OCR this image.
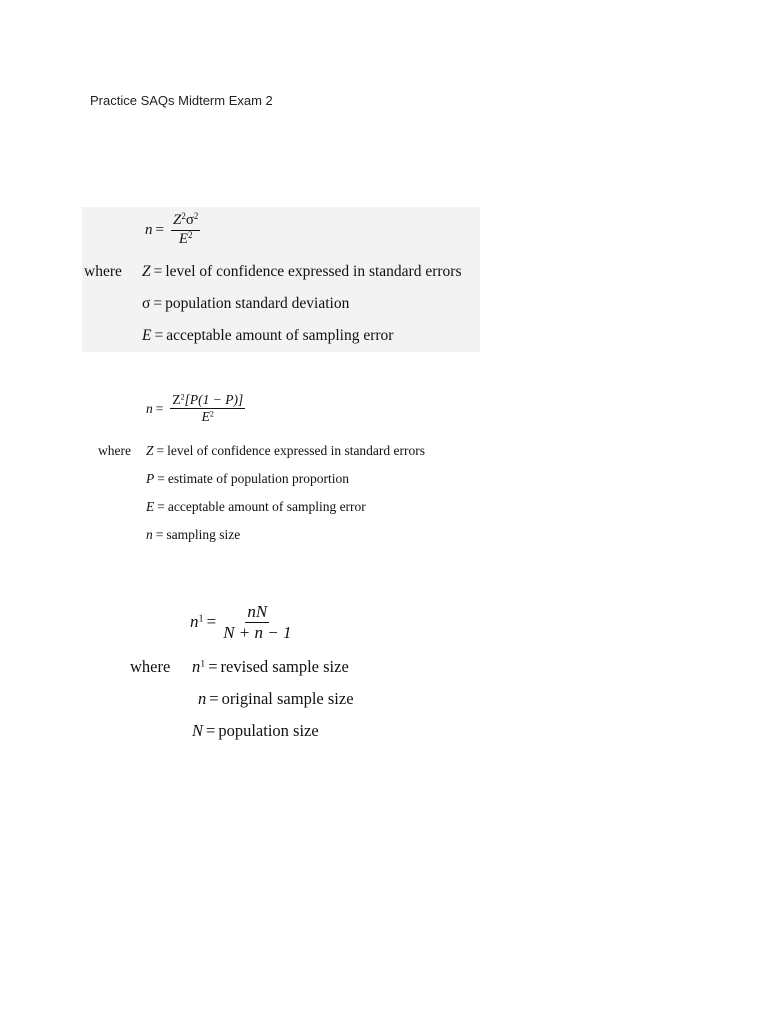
Practice SAQs Midterm Exam 2
$n = \frac{Z^2\sigma^2}{E^2}$
where Z = level of confidence expressed in standard errors
σ = population standard deviation
E = acceptable amount of sampling error
$n = \frac{Z^2[P(1 - P)]}{E^2}$
where Z = level of confidence expressed in standard errors
P = estimate of population proportion
E = acceptable amount of sampling error
n = sampling size
$n^1 = \frac{nN}{N + n - 1}$
where $n^1$ = revised sample size
n = original sample size
N = population size
